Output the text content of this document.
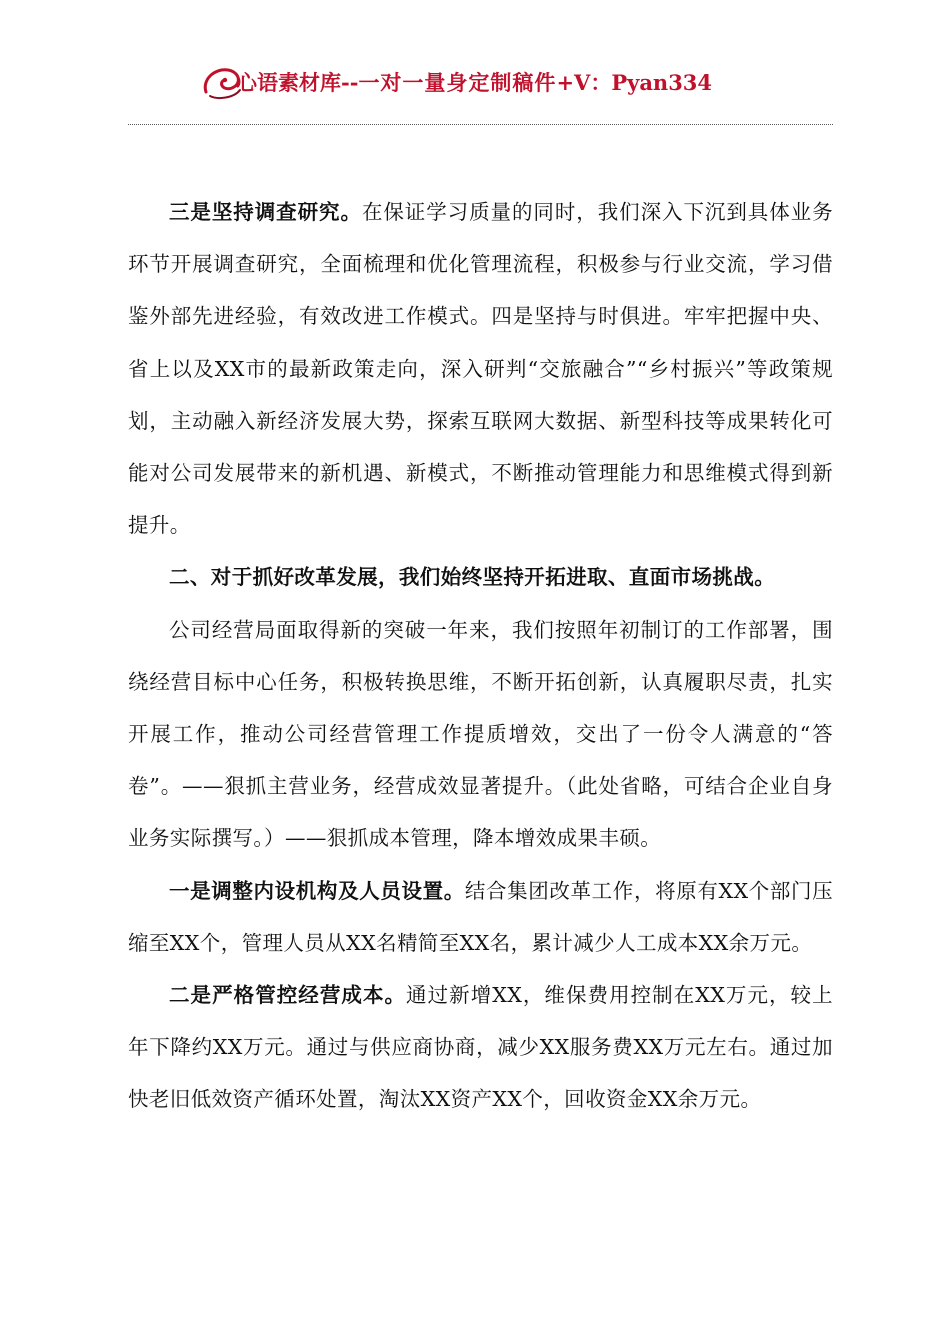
心语素材库 -- 一对一量身定制稿件 +V：Pyan334

三是坚持调查研究。在保证学习质量的同时，我们深入下沉到具体业务环节开展调查研究，全面梳理和优化管理流程，积极参与行业交流，学习借鉴外部先进经验，有效改进工作模式。四是坚持与时俱进。牢牢把握中央、省上以及XX市的最新政策走向，深入研判“交旅融合”“乡村振兴”等政策规划，主动融入新经济发展大势，探索互联网大数据、新型科技等成果转化可能对公司发展带来的新机遇、新模式，不断推动管理能力和思维模式得到新提升。

二、对于抓好改革发展，我们始终坚持开拓进取、直面市场挑战。

公司经营局面取得新的突破一年来，我们按照年初制订的工作部署，围绕经营目标中心任务，积极转换思维，不断开拓创新，认真履职尽责，扎实开展工作，推动公司经营管理工作提质增效，交出了一份令人满意的“答卷”。——狠抓主营业务，经营成效显著提升。（此处省略，可结合企业自身业务实际撰写。）——狠抓成本管理，降本增效成果丰硕。

一是调整内设机构及人员设置。结合集团改革工作，将原有XX个部门压缩至XX个，管理人员从XX名精简至XX名，累计减少人工成本XX余万元。

二是严格管控经营成本。通过新增XX，维保费用控制在XX万元，较上年下降约XX万元。通过与供应商协商，减少XX服务费XX万元左右。通过加快老旧低效资产循环处置，淘汰XX资产XX个，回收资金XX余万元。
